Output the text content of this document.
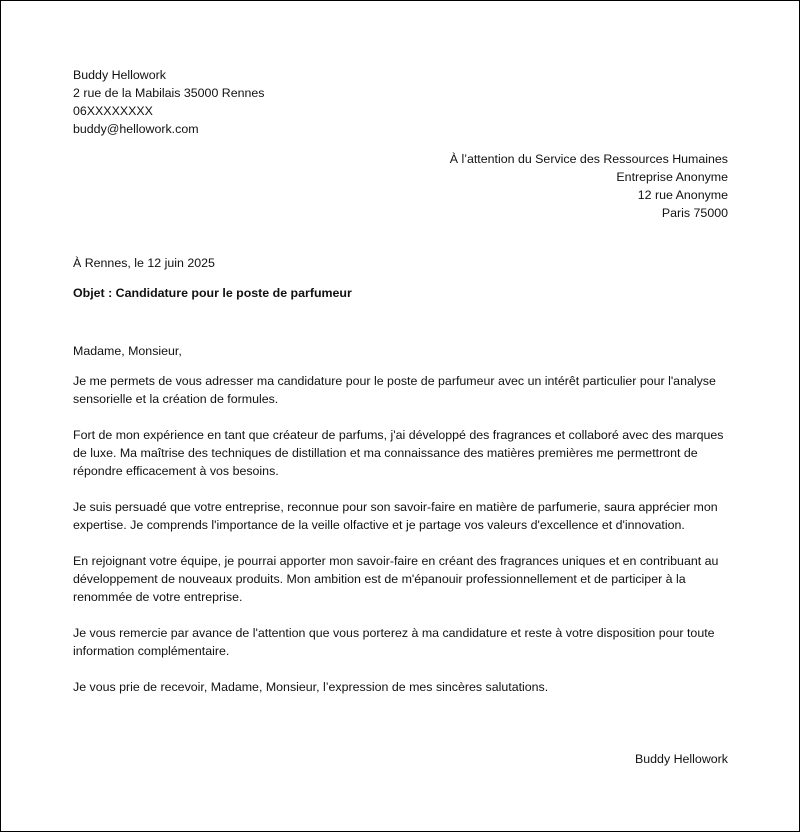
Buddy Hellowork
2 rue de la Mabilais 35000 Rennes
06XXXXXXXX
buddy@hellowork.com
À l’attention du Service des Ressources Humaines
Entreprise Anonyme
12 rue Anonyme
Paris 75000
À Rennes, le 12 juin 2025
Objet : Candidature pour le poste de parfumeur
Madame, Monsieur,

Je me permets de vous adresser ma candidature pour le poste de parfumeur avec un intérêt particulier pour l'analyse sensorielle et la création de formules.

Fort de mon expérience en tant que créateur de parfums, j'ai développé des fragrances et collaboré avec des marques de luxe. Ma maîtrise des techniques de distillation et ma connaissance des matières premières me permettront de répondre efficacement à vos besoins.

Je suis persuadé que votre entreprise, reconnue pour son savoir-faire en matière de parfumerie, saura apprécier mon expertise. Je comprends l'importance de la veille olfactive et je partage vos valeurs d'excellence et d'innovation.

En rejoignant votre équipe, je pourrai apporter mon savoir-faire en créant des fragrances uniques et en contribuant au développement de nouveaux produits. Mon ambition est de m'épanouir professionnellement et de participer à la renommée de votre entreprise.

Je vous remercie par avance de l'attention que vous porterez à ma candidature et reste à votre disposition pour toute information complémentaire.

Je vous prie de recevoir, Madame, Monsieur, l’expression de mes sincères salutations.

Buddy Hellowork
